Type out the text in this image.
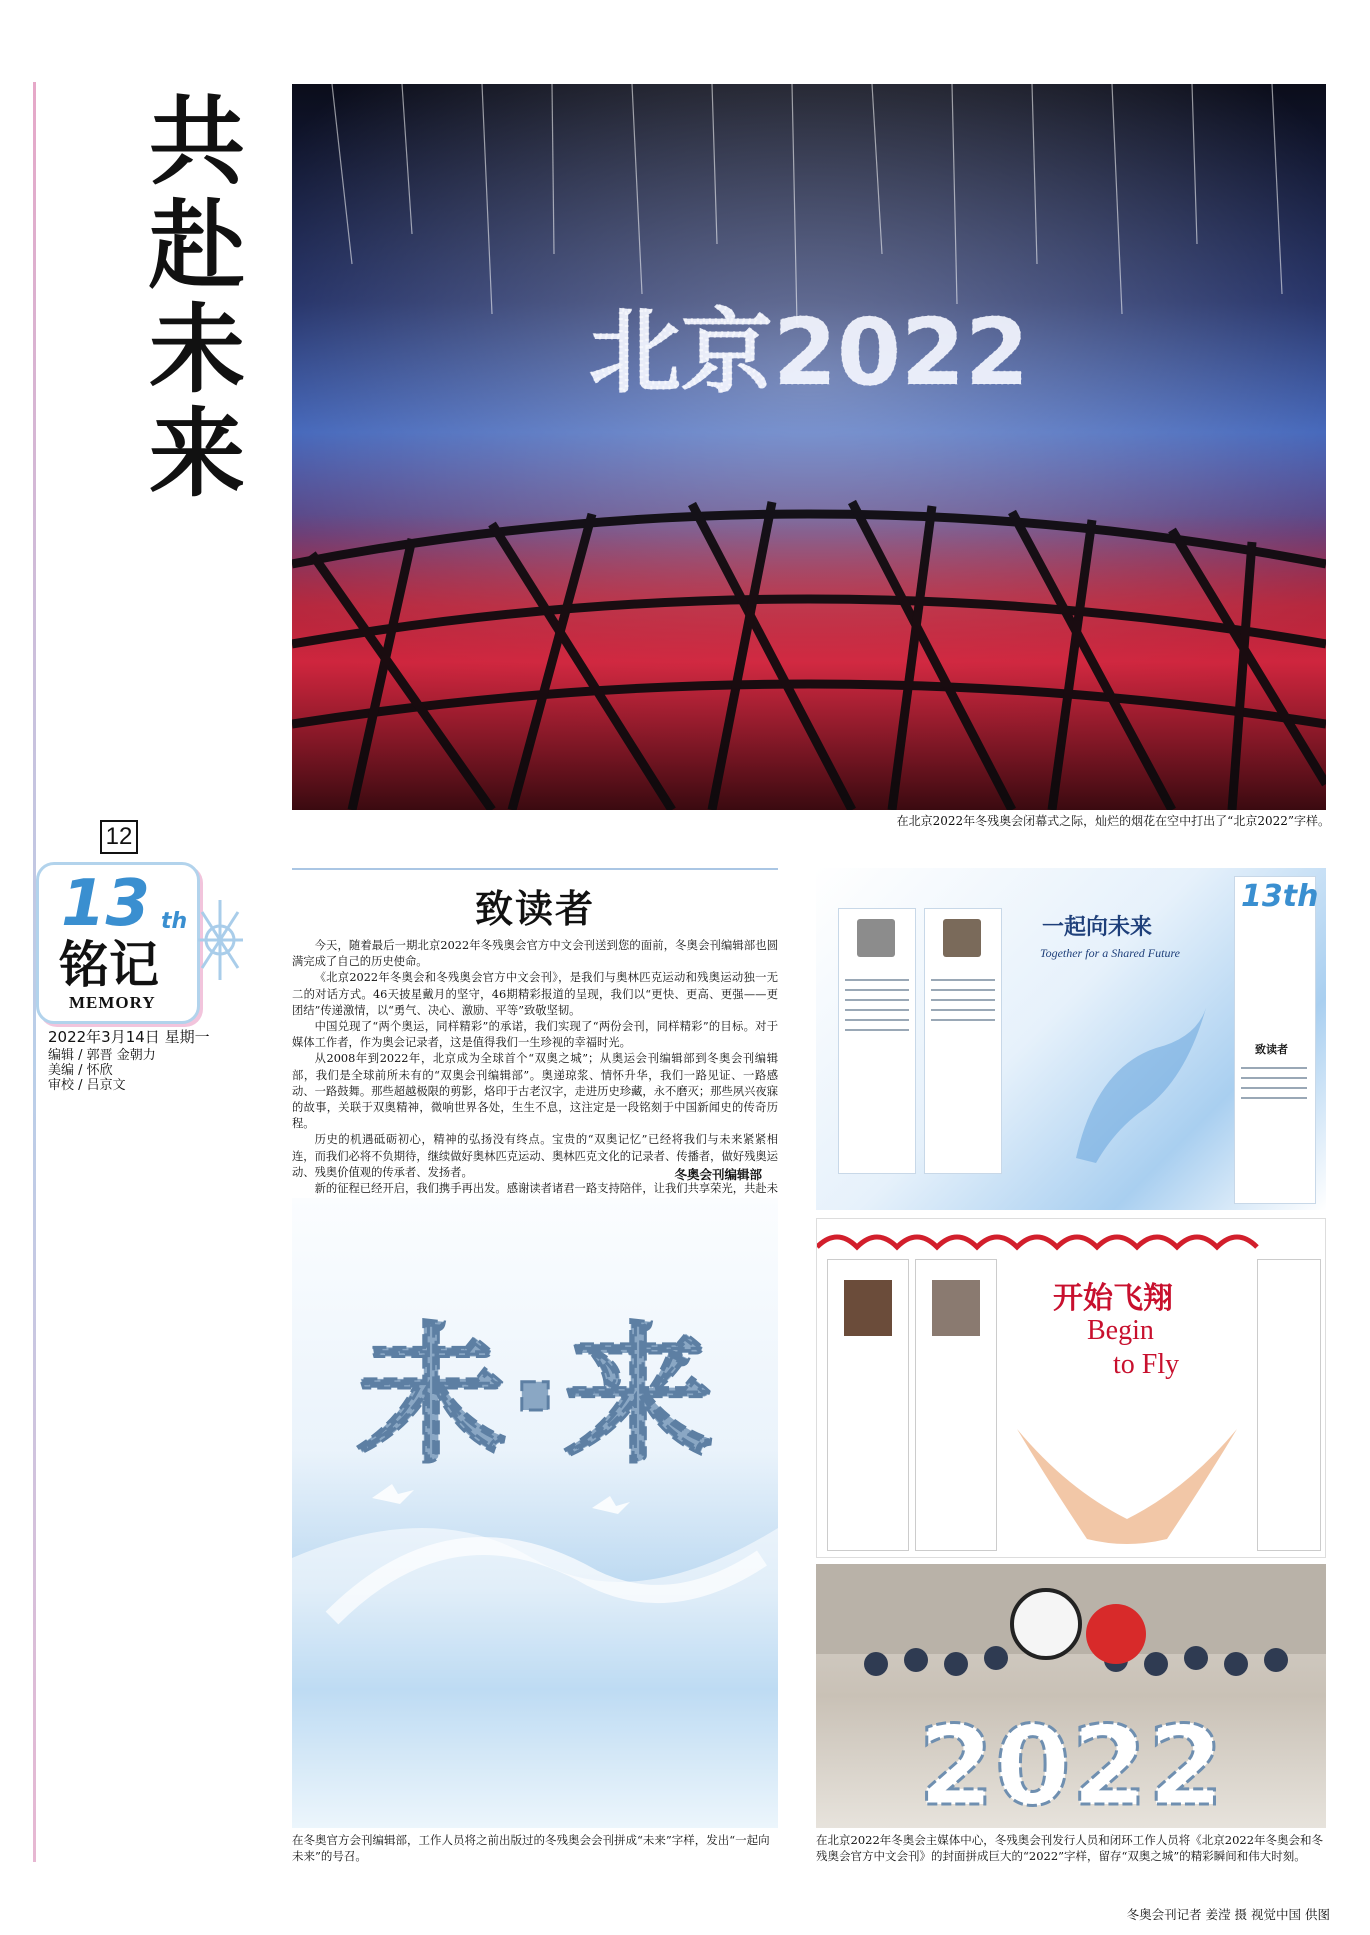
共
赴
未
来
北京2022
在北京2022年冬残奥会闭幕式之际，灿烂的烟花在空中打出了“北京2022”字样。
12
13 th
铭记
MEMORY
2022年3月14日 星期一
编辑 / 郭晋 金朝力
美编 / 怀欣
审校 / 吕京文
致读者

今天，随着最后一期北京2022年冬残奥会官方中文会刊送到您的面前，冬奥会刊编辑部也圆满完成了自己的历史使命。

《北京2022年冬奥会和冬残奥会官方中文会刊》，是我们与奥林匹克运动和残奥运动独一无二的对话方式。46天披星戴月的坚守，46期精彩报道的呈现，我们以“更快、更高、更强——更团结”传递激情，以“勇气、决心、激励、平等”致敬坚韧。

中国兑现了“两个奥运，同样精彩”的承诺，我们实现了“两份会刊，同样精彩”的目标。对于媒体工作者，作为奥会记录者，这是值得我们一生珍视的幸福时光。

从2008年到2022年，北京成为全球首个“双奥之城”；从奥运会刊编辑部到冬奥会刊编辑部，我们是全球前所未有的“双奥会刊编辑部”。奥递琼浆、情怀升华，我们一路见证、一路感动、一路鼓舞。那些超越极限的剪影，烙印于古老汉字，走进历史珍藏，永不磨灭；那些夙兴夜寐的故事，关联于双奥精神，微响世界各处，生生不息，这注定是一段铭刻于中国新闻史的传奇历程。

历史的机遇砥砺初心，精神的弘扬没有终点。宝贵的“双奥记忆”已经将我们与未来紧紧相连，而我们必将不负期待，继续做好奥林匹克运动、奥林匹克文化的记录者、传播者，做好残奥运动、残奥价值观的传承者、发扬者。

新的征程已经开启，我们携手再出发。感谢读者诸君一路支持陪伴，让我们共享荣光，共赴未

冬奥会刊编辑部
未·来
在冬奥官方会刊编辑部，工作人员将之前出版过的冬残奥会会刊拼成“未来”字样，发出“一起向未来”的号召。
一起向未来
Together for a Shared Future
13th
致读者
开始飞翔
Begin
to Fly
2022
在北京2022年冬奥会主媒体中心，冬残奥会刊发行人员和闭环工作人员将《北京2022年冬奥会和冬残奥会官方中文会刊》的封面拼成巨大的“2022”字样，留存“双奥之城”的精彩瞬间和伟大时刻。
冬奥会刊记者 姜滢 摄 视觉中国 供图
